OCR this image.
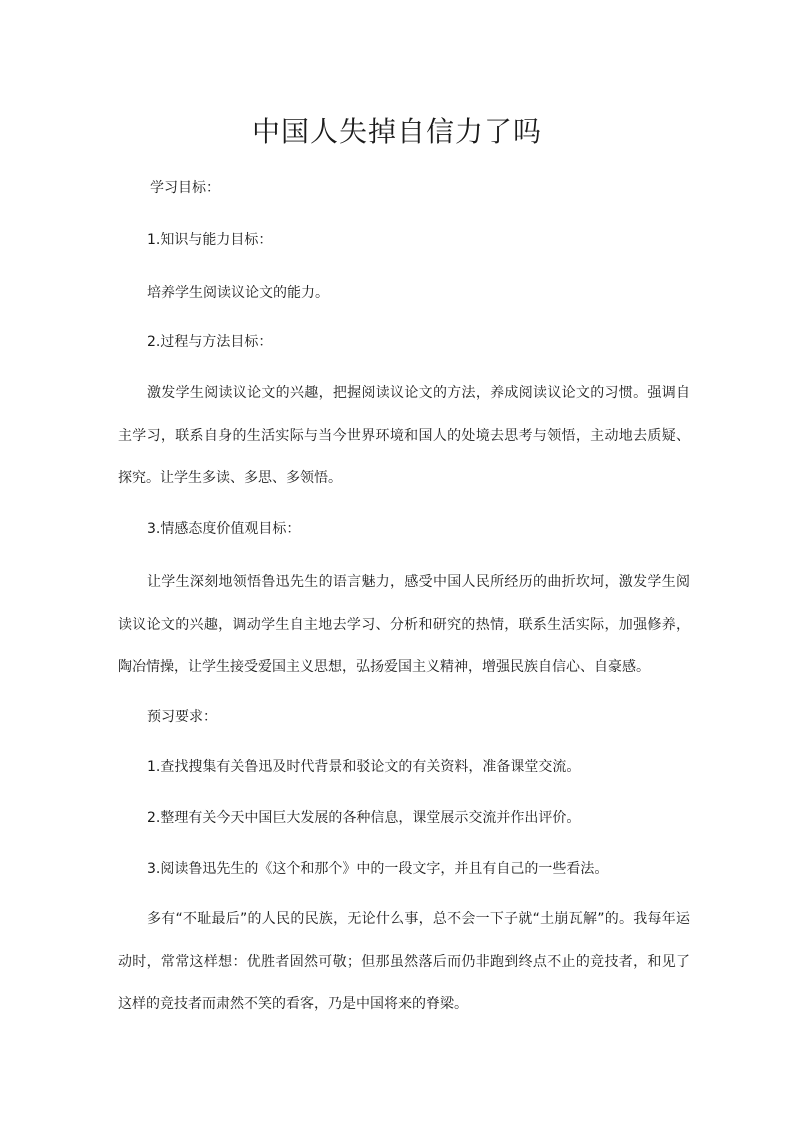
中国人失掉自信力了吗

学习目标：

1.知识与能力目标：

培养学生阅读议论文的能力。

2.过程与方法目标：

激发学生阅读议论文的兴趣，把握阅读议论文的方法，养成阅读议论文的习惯。强调自主学习，联系自身的生活实际与当今世界环境和国人的处境去思考与领悟，主动地去质疑、探究。让学生多读、多思、多领悟。

3.情感态度价值观目标：

让学生深刻地领悟鲁迅先生的语言魅力，感受中国人民所经历的曲折坎坷，激发学生阅读议论文的兴趣，调动学生自主地去学习、分析和研究的热情，联系生活实际，加强修养，陶冶情操，让学生接受爱国主义思想，弘扬爱国主义精神，增强民族自信心、自豪感。

预习要求：

1.查找搜集有关鲁迅及时代背景和驳论文的有关资料，准备课堂交流。

2.整理有关今天中国巨大发展的各种信息，课堂展示交流并作出评价。

3.阅读鲁迅先生的《这个和那个》中的一段文字，并且有自己的一些看法。

多有“不耻最后”的人民的民族，无论什么事，总不会一下子就“土崩瓦解”的。我每年运动时，常常这样想：优胜者固然可敬；但那虽然落后而仍非跑到终点不止的竞技者，和见了这样的竞技者而肃然不笑的看客，乃是中国将来的脊梁。
